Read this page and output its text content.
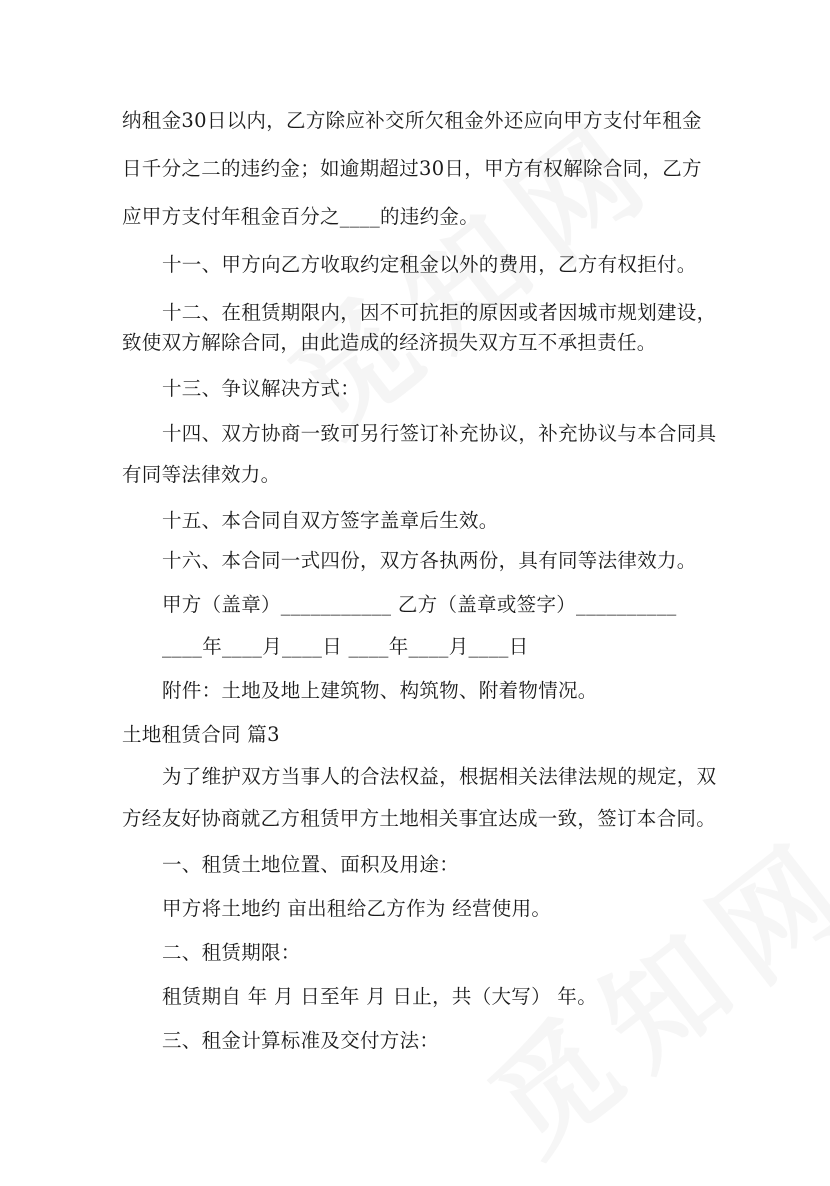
纳租金30日以内，乙方除应补交所欠租金外还应向甲方支付年租金
日千分之二的违约金；如逾期超过30日，甲方有权解除合同，乙方
应甲方支付年租金百分之____的违约金。
十一、甲方向乙方收取约定租金以外的费用，乙方有权拒付。
十二、在租赁期限内，因不可抗拒的原因或者因城市规划建设，
致使双方解除合同，由此造成的经济损失双方互不承担责任。
十三、争议解决方式：
十四、双方协商一致可另行签订补充协议，补充协议与本合同具
有同等法律效力。
十五、本合同自双方签字盖章后生效。
十六、本合同一式四份，双方各执两份，具有同等法律效力。
甲方（盖章）___________ 乙方（盖章或签字）__________
____年____月____日 ____年____月____日
附件：土地及地上建筑物、构筑物、附着物情况。
土地租赁合同 篇3
为了维护双方当事人的合法权益，根据相关法律法规的规定，双
方经友好协商就乙方租赁甲方土地相关事宜达成一致，签订本合同。
一、租赁土地位置、面积及用途：
甲方将土地约 亩出租给乙方作为 经营使用。
二、租赁期限：
租赁期自 年 月 日至年 月 日止，共（大写） 年。
三、租金计算标准及交付方法：
